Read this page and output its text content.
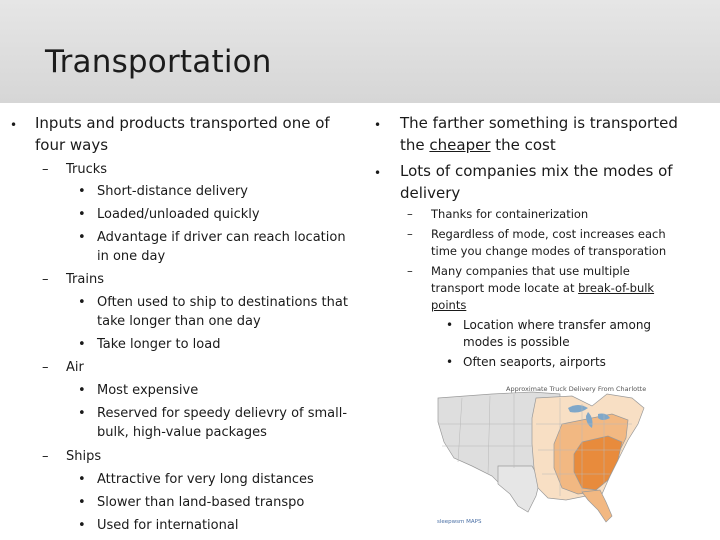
Transportation
• Inputs and products transported one of four ways
– Trucks
• Short-distance delivery
• Loaded/unloaded quickly
• Advantage if driver can reach location in one day
– Trains
• Often used to ship to destinations that take longer than one day
• Take longer to load
– Air
• Most expensive
• Reserved for speedy delievry of small-bulk, high-value packages
– Ships
• Attractive for very long distances
• Slower than land-based transpo
• Used for international
• The farther something is transported the cheaper the cost
• Lots of companies mix the modes of delivery
– Thanks for containerization
– Regardless of mode, cost increases each time you change modes of transporation
– Many companies that use multiple transport mode locate at break-of-bulk points
• Location where transfer among modes is possible
• Often seaports, airports
sleepwsm MAPS
Approximate Truck Delivery From Charlotte
